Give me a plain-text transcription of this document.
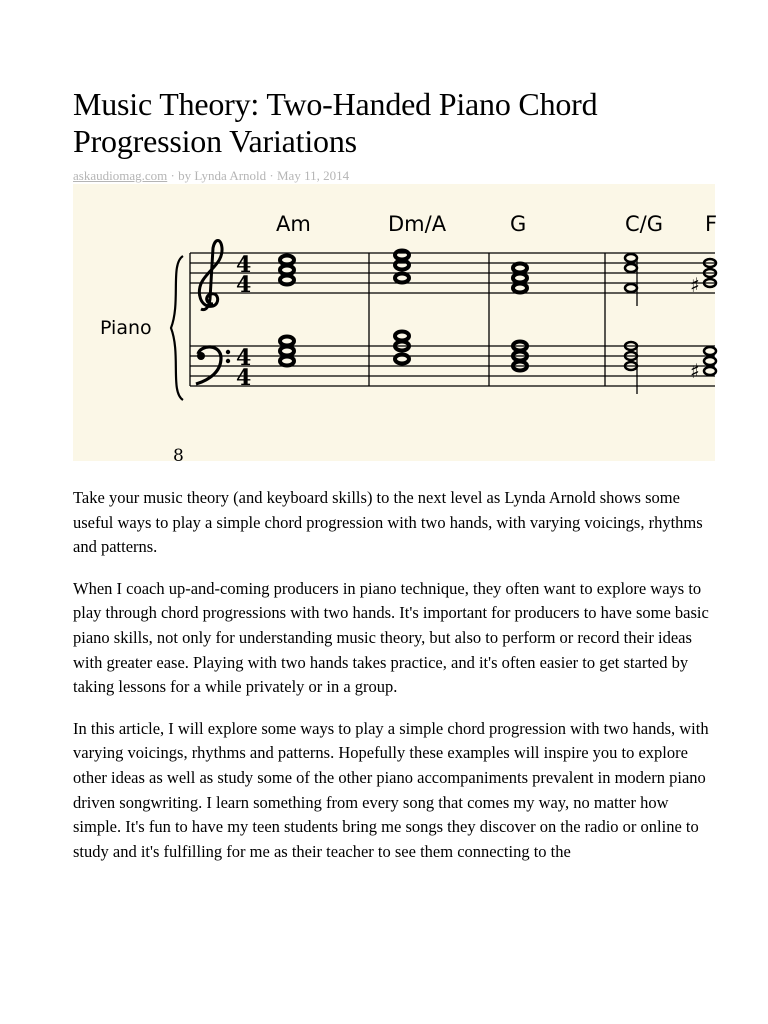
Music Theory: Two-Handed Piano Chord Progression Variations
askaudiomag.com · by Lynda Arnold · May 11, 2014
Am	Dm/A	G	C/G F
Piano
4
4
4
4
♯
♯
8

Take your music theory (and keyboard skills) to the next level as Lynda Arnold shows some useful ways to play a simple chord progression with two hands, with varying voicings, rhythms and patterns.

When I coach up-and-coming producers in piano technique, they often want to explore ways to play through chord progressions with two hands. It's important for producers to have some basic piano skills, not only for understanding music theory, but also to perform or record their ideas with greater ease. Playing with two hands takes practice, and it's often easier to get started by taking lessons for a while privately or in a group.

In this article, I will explore some ways to play a simple chord progression with two hands, with varying voicings, rhythms and patterns. Hopefully these examples will inspire you to explore other ideas as well as study some of the other piano accompaniments prevalent in modern piano driven songwriting. I learn something from every song that comes my way, no matter how simple. It's fun to have my teen students bring me songs they discover on the radio or online to study and it's fulfilling for me as their teacher to see them connecting to the
